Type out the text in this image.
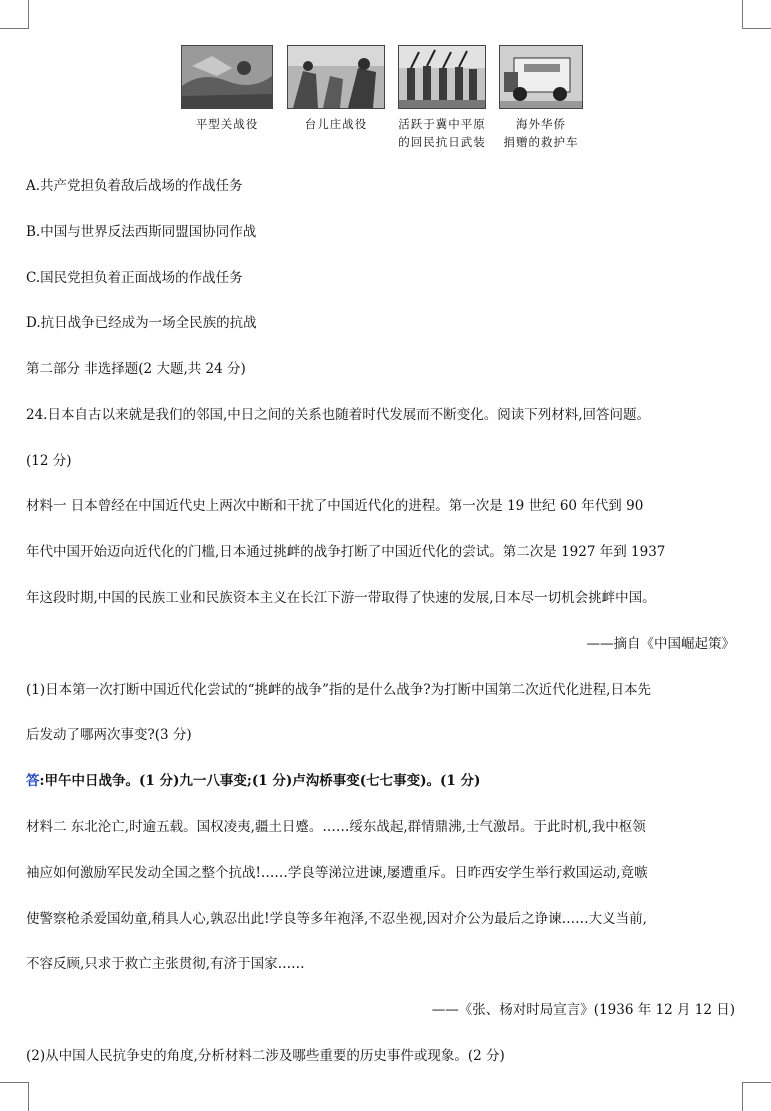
平型关战役	台儿庄战役	活跃于冀中平原
的回民抗日武装
海外华侨
捐赠的救护车
A.共产党担负着敌后战场的作战任务
B.中国与世界反法西斯同盟国协同作战
C.国民党担负着正面战场的作战任务
D.抗日战争已经成为一场全民族的抗战
第二部分 非选择题(2 大题,共 24 分)
24.日本自古以来就是我们的邻国,中日之间的关系也随着时代发展而不断变化。阅读下列材料,回答问题。
(12 分)
材料一 日本曾经在中国近代史上两次中断和干扰了中国近代化的进程。第一次是 19 世纪 60 年代到 90
年代中国开始迈向近代化的门槛,日本通过挑衅的战争打断了中国近代化的尝试。第二次是 1927 年到 1937
年这段时期,中国的民族工业和民族资本主义在长江下游一带取得了快速的发展,日本尽一切机会挑衅中国。
——摘自《中国崛起策》
(1)日本第一次打断中国近代化尝试的“挑衅的战争”指的是什么战争?为打断中国第二次近代化进程,日本先
后发动了哪两次事变?(3 分)
答:甲午中日战争。(1 分)九一八事变;(1 分)卢沟桥事变(七七事变)。(1 分)
材料二 东北沦亡,时逾五载。国权凌夷,疆土日蹙。……绥东战起,群情鼎沸,士气激昂。于此时机,我中枢领
袖应如何激励军民发动全国之整个抗战!……学良等涕泣进谏,屡遭重斥。日昨西安学生举行救国运动,竟嗾
使警察枪杀爱国幼童,稍具人心,孰忍出此!学良等多年袍泽,不忍坐视,因对介公为最后之诤谏……大义当前,
不容反顾,只求于救亡主张贯彻,有济于国家……
——《张、杨对时局宣言》(1936 年 12 月 12 日)
(2)从中国人民抗争史的角度,分析材料二涉及哪些重要的历史事件或现象。(2 分)
